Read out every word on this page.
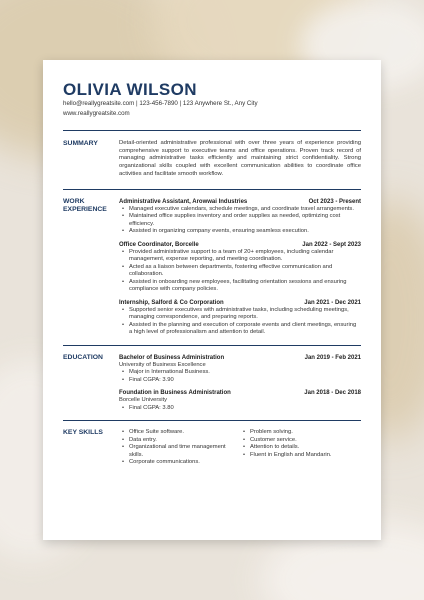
OLIVIA WILSON
hello@reallygreatsite.com | 123-456-7890 | 123 Anywhere St., Any City
www.reallygreatsite.com
SUMMARY	Detail-oriented administrative professional with over three years of experience providing comprehensive support to executive teams and office operations. Proven track record of managing administrative tasks efficiently and maintaining strict confidentiality. Strong organizational skills coupled with excellent communication abilities to coordinate office activities and facilitate smooth workflow.
WORK
EXPERIENCE
Administrative Assistant, Arowwai Industries	Oct 2023 - Present
• Managed executive calendars, schedule meetings, and coordinate travel arrangements.
• Maintained office supplies inventory and order supplies as needed, optimizing cost efficiency.
• Assisted in organizing company events, ensuring seamless execution.
Office Coordinator, Borcelle	Jan 2022 - Sept 2023
• Provided administrative support to a team of 20+ employees, including calendar management, expense reporting, and meeting coordination.
• Acted as a liaison between departments, fostering effective communication and collaboration.
• Assisted in onboarding new employees, facilitating orientation sessions and ensuring compliance with company policies.
Internship, Salford & Co Corporation	Jan 2021 - Dec 2021
• Supported senior executives with administrative tasks, including scheduling meetings, managing correspondence, and preparing reports.
• Assisted in the planning and execution of corporate events and client meetings, ensuring a high level of professionalism and attention to detail.
EDUCATION	Bachelor of Business Administration	Jan 2019 - Feb 2021
University of Business Excellence
• Major in International Business.
• Final CGPA: 3.90
Foundation in Business Administration	Jan 2018 - Dec 2018
Borcelle University
• Final CGPA: 3.80
KEY SKILLS
•	Office Suite software.
• Data entry.
• Organizational and time management skills.
• Corporate communications.
• Problem solving.
• Customer service.
• Attention to details.
• Fluent in English and Mandarin.
